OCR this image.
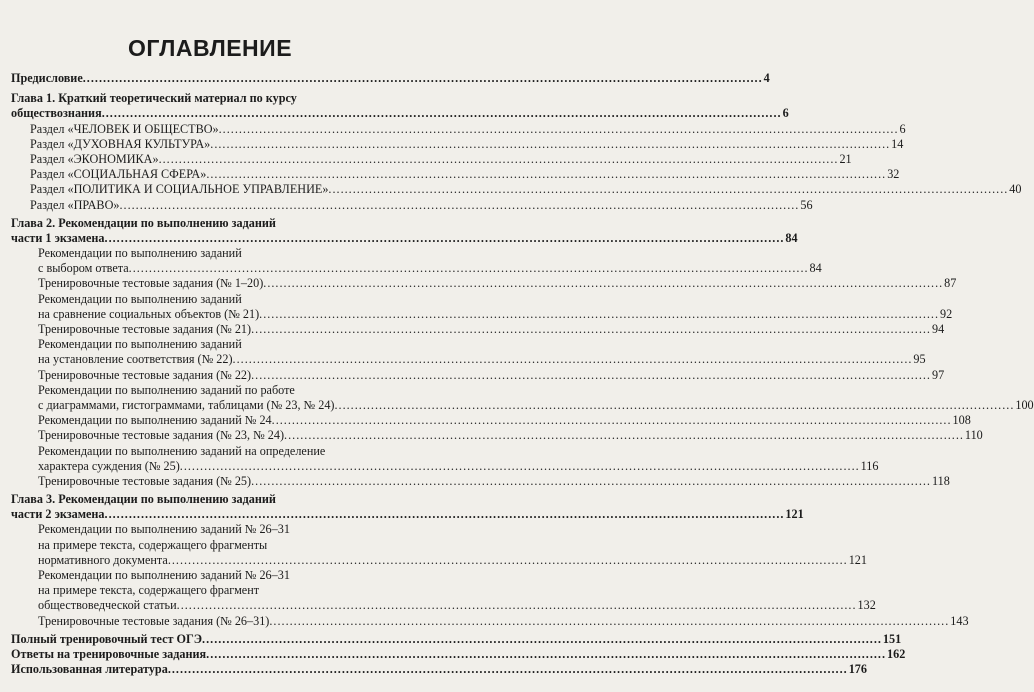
ОГЛАВЛЕНИЕ
Предисловие .....	4
Глава 1. Краткий теоретический материал по курсу
обществознания .....	6
Раздел «ЧЕЛОВЕК И ОБЩЕСТВО» .....	6
Раздел «ДУХОВНАЯ КУЛЬТУРА» .....	14
Раздел «ЭКОНОМИКА» .....	21
Раздел «СОЦИАЛЬНАЯ СФЕРА» .....	32
Раздел «ПОЛИТИКА И СОЦИАЛЬНОЕ УПРАВЛЕНИЕ» .....	40
Раздел «ПРАВО» .....	56
Глава 2. Рекомендации по выполнению заданий
части 1 экзамена .....	84
Рекомендации по выполнению заданий
с выбором ответа .....	84
Тренировочные тестовые задания (№ 1–20) .....	87
Рекомендации по выполнению заданий
на сравнение социальных объектов (№ 21) .....	92
Тренировочные тестовые задания (№ 21) .....	94
Рекомендации по выполнению заданий
на установление соответствия (№ 22) .....	95
Тренировочные тестовые задания (№ 22) .....	97
Рекомендации по выполнению заданий по работе
с диаграммами, гистограммами, таблицами (№ 23, № 24) .....	100
Рекомендации по выполнению заданий № 24 .....	108
Тренировочные тестовые задания (№ 23, № 24) .....	110
Рекомендации по выполнению заданий на определение
характера суждения (№ 25) .....	116
Тренировочные тестовые задания (№ 25) .....	118
Глава 3. Рекомендации по выполнению заданий
части 2 экзамена .....	121
Рекомендации по выполнению заданий № 26–31
на примере текста, содержащего фрагменты
нормативного документа .....	121
Рекомендации по выполнению заданий № 26–31
на примере текста, содержащего фрагмент
обществоведческой статьи .....	132
Тренировочные тестовые задания (№ 26–31) .....	143
Полный тренировочный тест ОГЭ .....	151
Ответы на тренировочные задания .....	162
Использованная литература .....	176
